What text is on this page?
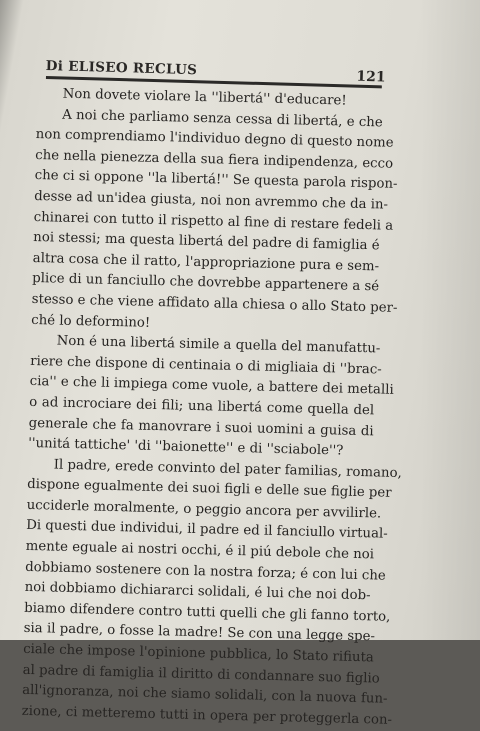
Di ELISEO RECLUS	121
Non dovete violare la ''libertá'' d'educare!
A noi che parliamo senza cessa di libertá, e che
non comprendiamo l'individuo degno di questo nome
che nella pienezza della sua fiera indipendenza, ecco
che ci si oppone ''la libertá!'' Se questa parola rispon-
desse ad un'idea giusta, noi non avremmo che da in-
chinarei con tutto il rispetto al fine di restare fedeli a
noi stessi; ma questa libertá del padre di famiglia é
altra cosa che il ratto, l'appropriazione pura e sem-
plice di un fanciullo che dovrebbe appartenere a sé
stesso e che viene affidato alla chiesa o allo Stato per-
ché lo deformino!
Non é una libertá simile a quella del manufattu-
riere che dispone di centinaia o di migliaia di ''brac-
cia'' e che li impiega come vuole, a battere dei metalli
o ad incrociare dei fili; una libertá come quella del
generale che fa manovrare i suoi uomini a guisa di
''unitá tattiche' 'di ''baionette'' e di ''sciabole''?
Il padre, erede convinto del pater familias, romano,
dispone egualmente dei suoi figli e delle sue figlie per
ucciderle moralmente, o peggio ancora per avvilirle.
Di questi due individui, il padre ed il fanciullo virtual-
mente eguale ai nostri occhi, é il piú debole che noi
dobbiamo sostenere con la nostra forza; é con lui che
noi dobbiamo dichiararci solidali, é lui che noi dob-
biamo difendere contro tutti quelli che gli fanno torto,
sia il padre, o fosse la madre! Se con una legge spe-
ciale che impose l'opinione pubblica, lo Stato rifiuta
al padre di famiglia il diritto di condannare suo figlio
all'ignoranza, noi che siamo solidali, con la nuova fun-
zione, ci metteremo tutti in opera per proteggerla con-
